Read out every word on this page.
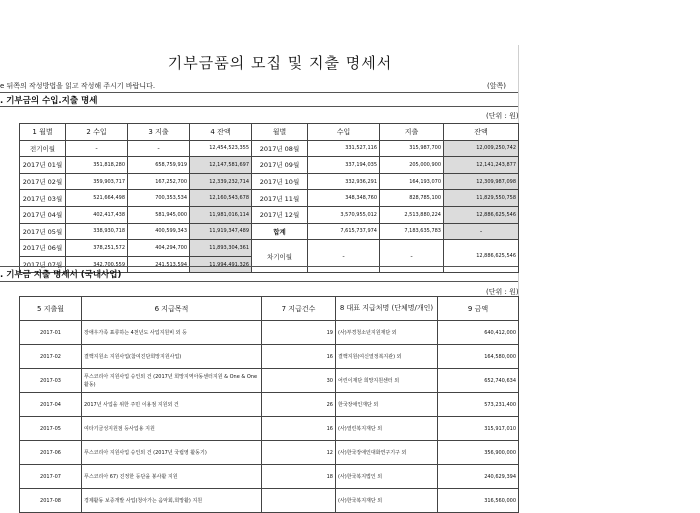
기부금품의 모집 및 지출 명세서
e 뒤쪽의 작성방법을 읽고 작성해 주시기 바랍니다.	(앞쪽)
. 기부금의 수입.지출 명세
(단위 : 원)
1 월별	2 수입	3 지출	4 잔액	월별	수입	지출	잔액
전기이월	-	-	12,454,523,355	2017년 08월	331,527,116	315,987,700	12,009,250,742
2017년 01월	351,818,280	658,759,919	12,147,581,697	2017년 09월	337,194,035	205,000,900	12,141,243,877
2017년 02월	359,903,717	167,252,700	12,339,232,714	2017년 10월	332,936,291	164,193,070	12,309,987,098
2017년 03월	521,664,498	700,353,534	12,160,543,678	2017년 11월	348,348,760	828,785,100	11,829,550,758
2017년 04월	402,417,438	581,945,000	11,981,016,114	2017년 12월	3,570,955,012	2,513,880,224	12,886,625,546
2017년 05월	338,930,718	400,599,343	11,919,347,489	합계	7,615,737,974	7,183,635,783	-
2017년 06월	378,251,572	404,294,700	11,893,304,361	차기이월	-	-	12,886,625,546
2017년 07월	342,700,559	241,513,594	11,994,491,326				
. 기부금 지출 명세서 (국내사업)
(단위 : 원)
5 지출월	6 지급목적	7 지급건수	8 대표 지급처명 (단체명/개인)	9 금액
2017-01	장애우가족 표류하는 4천년도 사업지원비 외 등	19	(사)부경청소년지원재단 외	640,412,000
2017-02	결핵지원소 지원사업(참여진단희망지원사업)	16	결핵지원(여신열정복지관) 외	164,580,000
2017-03	푸스코리아 지원사업 승인외 건 (2017년 희망지역아동센터지원 & One & One 활동)	30	어린이재단 희망지원센터 외	652,740,634
2017-04	2017년 사업을 위한 주민 이용점 지원외 건	26	한국장애인재단 외	573,231,400
2017-05	여타기금성지원점 등사업용 지원	16	(사)열린복지재단 외	315,917,010
2017-06	푸스코리아 지원사업 승인외 건 (2017년 국립영 활동기)	12	(사)한국장애인대화연구기구 외	356,900,000
2017-07	푸스코리아 67) 진정한 등단을 봉사활 지원	18	(사)한국복지법인 외	240,629,394
2017-08	경제활동 보증개발 사업(청아가는 음악회,희망활) 지원		(사)한국복지재단 외	316,560,000
